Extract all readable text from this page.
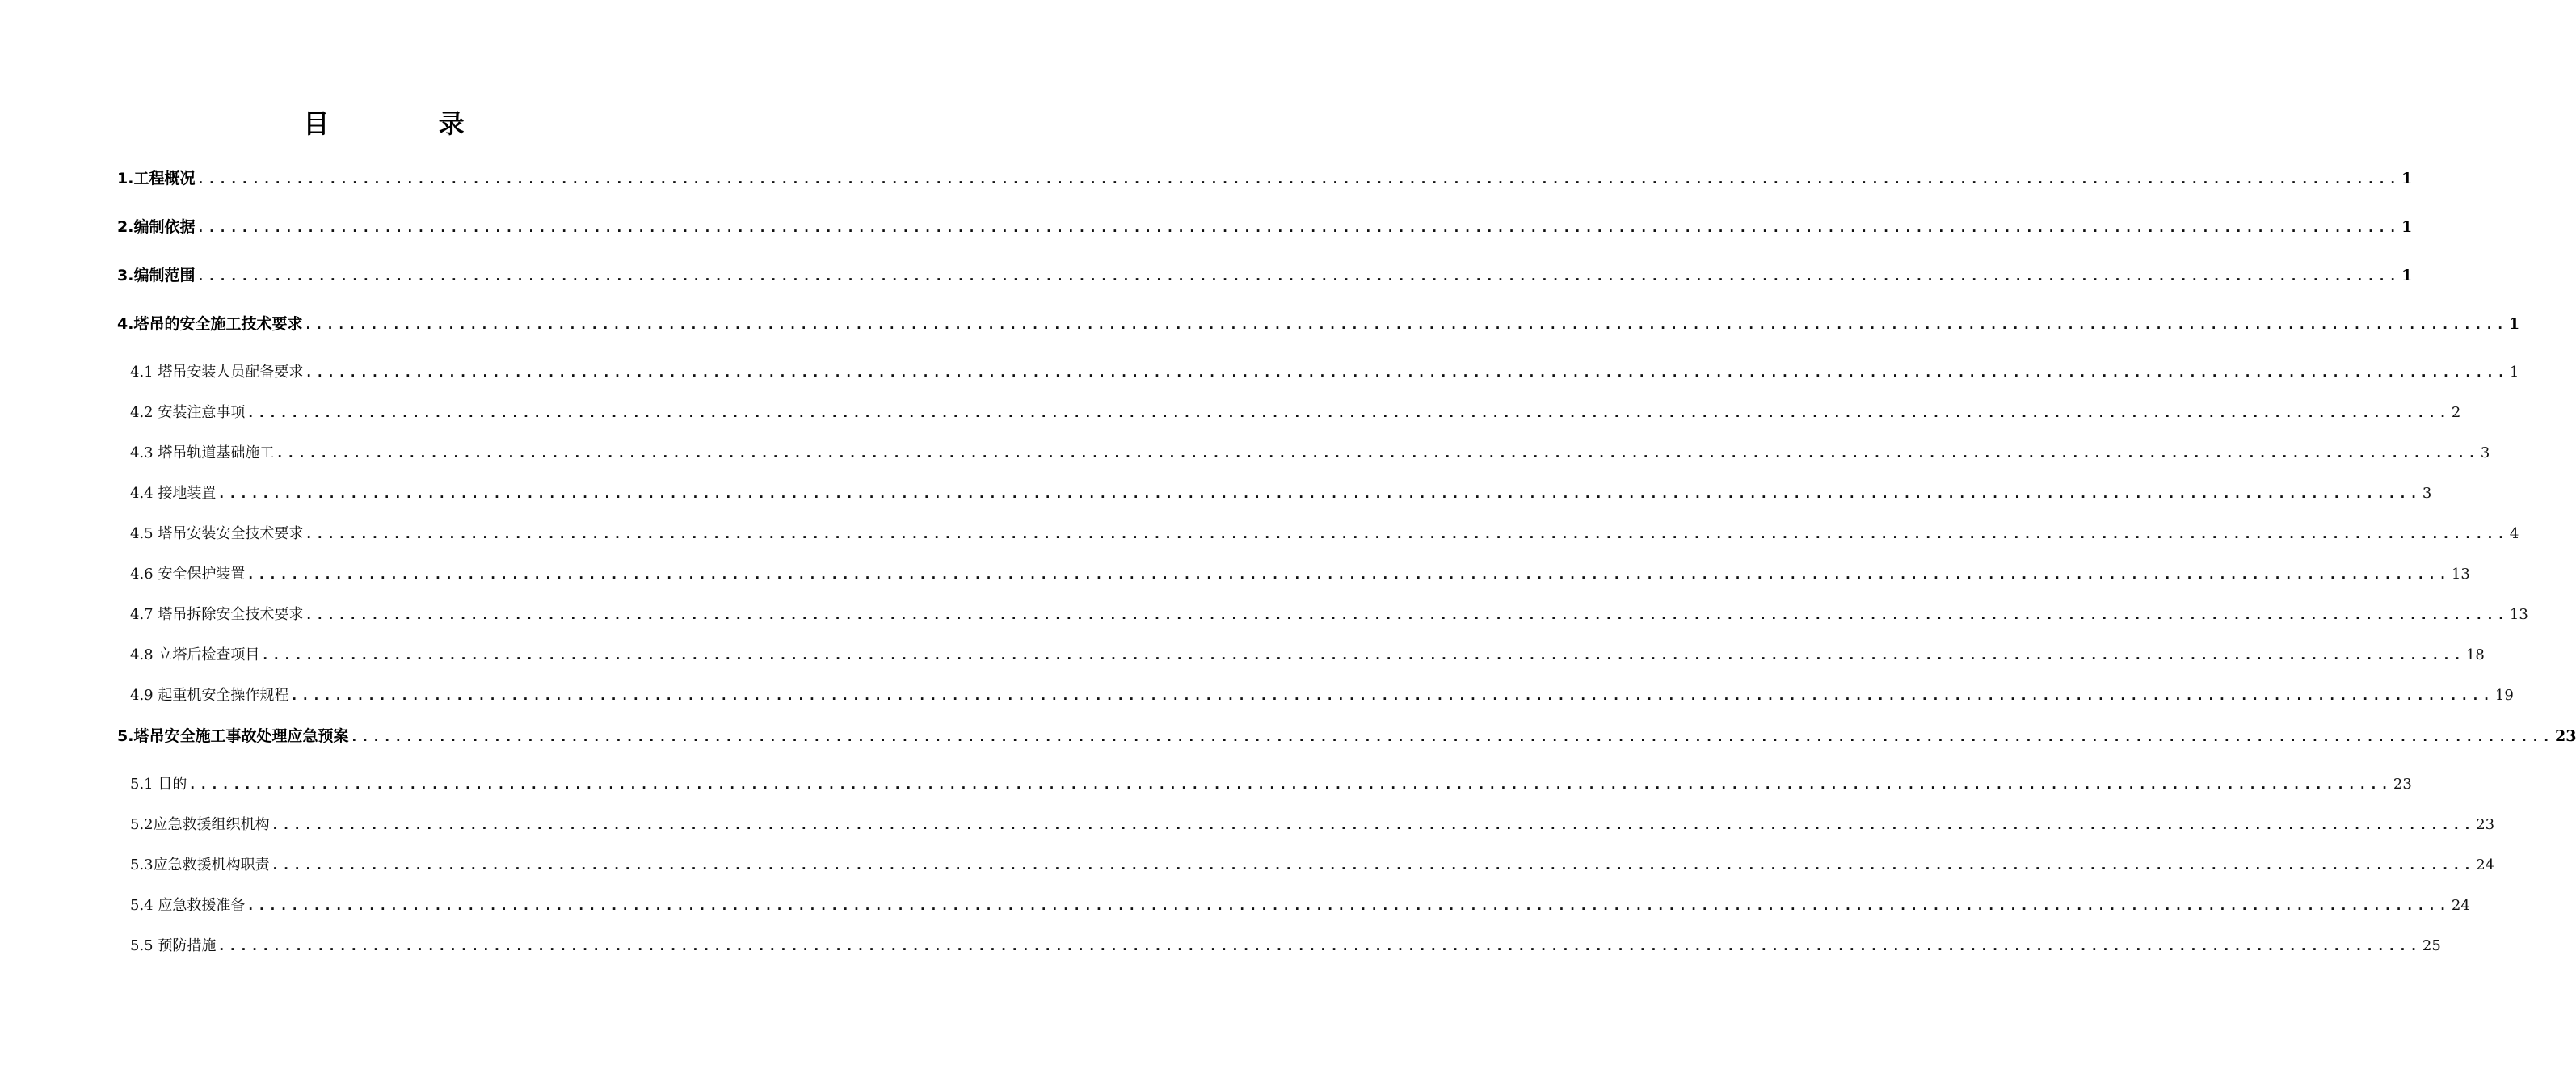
目 录
1.工程概况 ........................................................................................................................................................................................................ 1
2.编制依据 ........................................................................................................................................................................................................ 1
3.编制范围 ........................................................................................................................................................................................................ 1
4.塔吊的安全施工技术要求 ........................................................................................................................................................................................................ 1
4.1 塔吊安装人员配备要求 ........................................................................................................................................................................................................ 1
4.2 安装注意事项 ........................................................................................................................................................................................................ 2
4.3 塔吊轨道基础施工 ........................................................................................................................................................................................................ 3
4.4 接地装置 ........................................................................................................................................................................................................ 3
4.5 塔吊安装安全技术要求 ........................................................................................................................................................................................................ 4
4.6 安全保护装置 ........................................................................................................................................................................................................ 13
4.7 塔吊拆除安全技术要求 ........................................................................................................................................................................................................ 13
4.8 立塔后检查项目 ........................................................................................................................................................................................................ 18
4.9 起重机安全操作规程 ........................................................................................................................................................................................................ 19
5.塔吊安全施工事故处理应急预案 ........................................................................................................................................................................................................ 23
5.1 目的 ........................................................................................................................................................................................................ 23
5.2应急救援组织机构 ........................................................................................................................................................................................................ 23
5.3应急救援机构职责 ........................................................................................................................................................................................................ 24
5.4 应急救援准备 ........................................................................................................................................................................................................ 24
5.5 预防措施 ........................................................................................................................................................................................................ 25
